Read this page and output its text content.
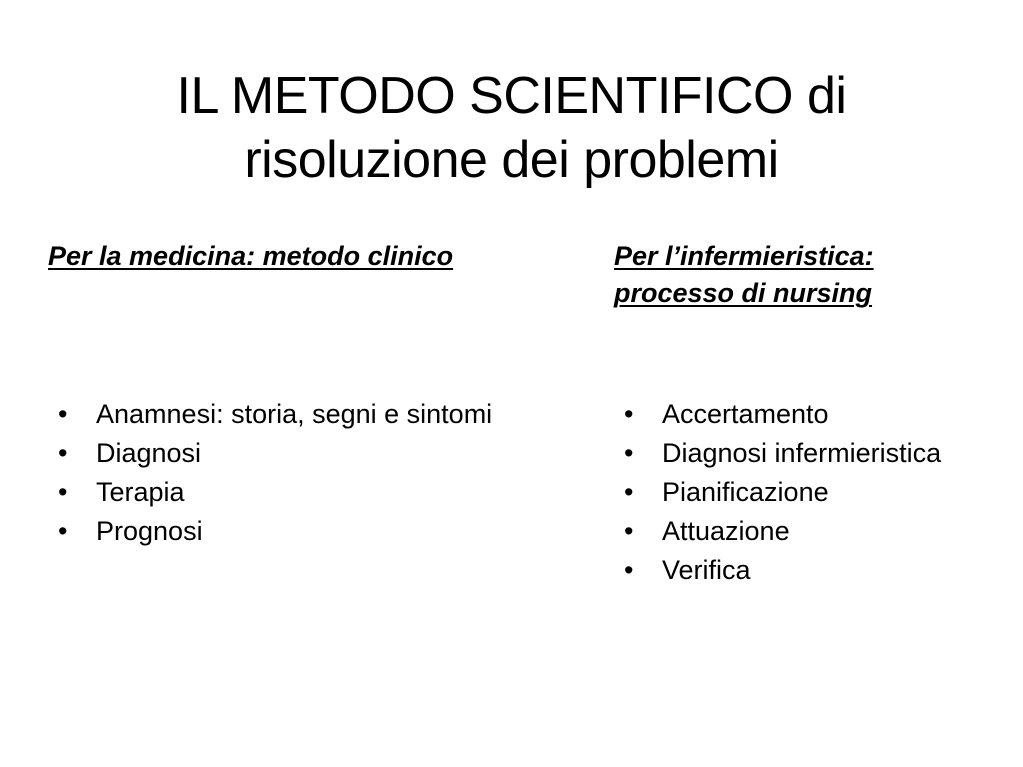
IL METODO SCIENTIFICO di
risoluzione dei problemi

Per la medicina: metodo clinico	Per l’infermieristica: processo di nursing

•	Anamnesi: storia, segni e sintomi
•	Diagnosi
•	Terapia
•	Prognosi
•	Accertamento
•	Diagnosi infermieristica
•	Pianificazione
•	Attuazione
•	Verifica
